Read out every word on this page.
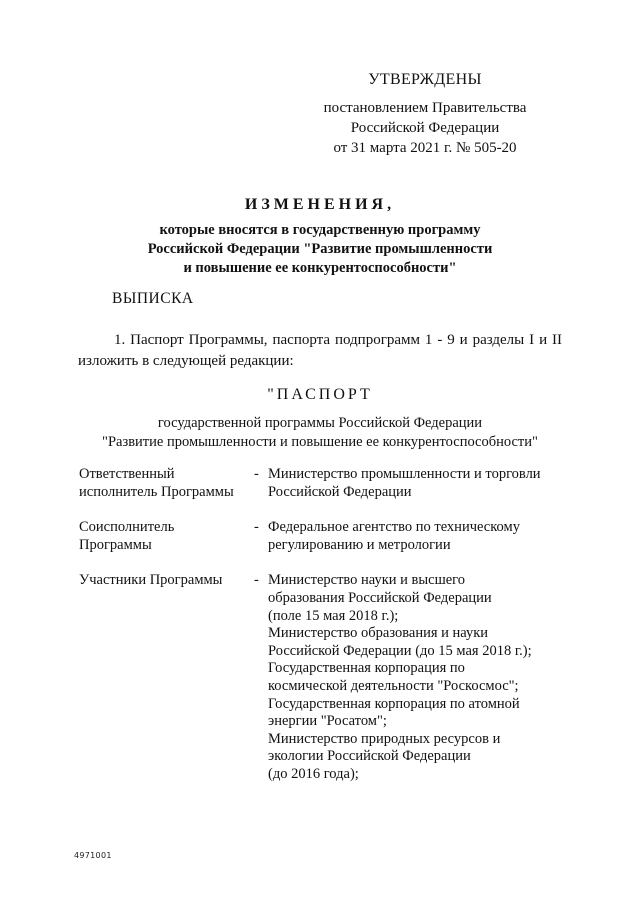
УТВЕРЖДЕНЫ
постановлением Правительства
Российской Федерации
от 31 марта 2021 г. № 505-20
ИЗМЕНЕНИЯ,
которые вносятся в государственную программу
Российской Федерации "Развитие промышленности
и повышение ее конкурентоспособности"
ВЫПИСКА
1. Паспорт Программы, паспорта подпрограмм 1 - 9 и разделы I и II
изложить в следующей редакции:
"ПАСПОРТ
государственной программы Российской Федерации
"Развитие промышленности и повышение ее конкурентоспособности"
Ответственный
исполнитель Программы
- Министерство промышленности и торговли
Российской Федерации
Соисполнитель
Программы
- Федеральное агентство по техническому
регулированию и метрологии
Участники Программы	- Министерство науки и высшего
образования Российской Федерации
(поле 15 мая 2018 г.);
Министерство образования и науки
Российской Федерации (до 15 мая 2018 г.);
Государственная корпорация по
космической деятельности "Роскосмос";
Государственная корпорация по атомной
энергии "Росатом";
Министерство природных ресурсов и
экологии Российской Федерации
(до 2016 года);
4971001
